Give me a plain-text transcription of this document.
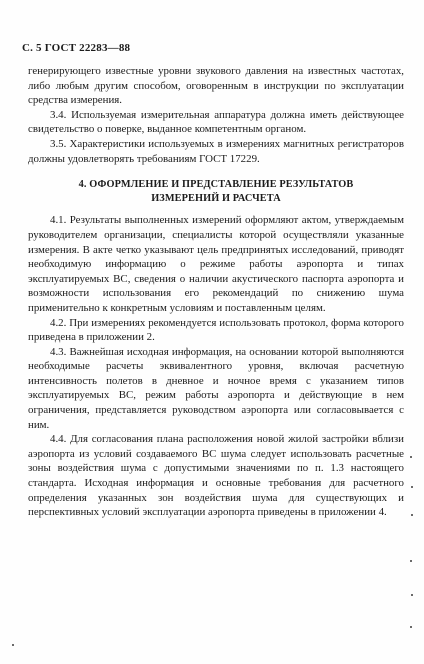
С. 5 ГОСТ 22283—88

генерирующего известные уровни звукового давления на известных частотах, либо любым другим способом, оговоренным в инструкции по эксплуатации средства измерения.

3.4. Используемая измерительная аппаратура должна иметь действующее свидетельство о поверке, выданное компетентным органом.

3.5. Характеристики используемых в измерениях магнитных регистраторов должны удовлетворять требованиям ГОСТ 17229.

4. ОФОРМЛЕНИЕ И ПРЕДСТАВЛЕНИЕ РЕЗУЛЬТАТОВ
ИЗМЕРЕНИЙ И РАСЧЕТА

4.1. Результаты выполненных измерений оформляют актом, утверждаемым руководителем организации, специалисты которой осуществляли указанные измерения. В акте четко указывают цель предпринятых исследований, приводят необходимую информацию о режиме работы аэропорта и типах эксплуатируемых ВС, сведения о наличии акустического паспорта аэропорта и возможности использования его рекомендаций по снижению шума применительно к конкретным условиям и поставленным целям.

4.2. При измерениях рекомендуется использовать протокол, форма которого приведена в приложении 2.

4.3. Важнейшая исходная информация, на основании которой выполняются необходимые расчеты эквивалентного уровня, включая расчетную интенсивность полетов в дневное и ночное время с указанием типов эксплуатируемых ВС, режим работы аэропорта и действующие в нем ограничения, представляется руководством аэропорта или согласовывается с ним.

4.4. Для согласования плана расположения новой жилой застройки вблизи аэропорта из условий создаваемого ВС шума следует использовать расчетные зоны воздействия шума с допустимыми значениями по п. 1.3 настоящего стандарта. Исходная информация и основные требования для расчетного определения указанных зон воздействия шума для существующих и перспективных условий эксплуатации аэропорта приведены в приложении 4.
